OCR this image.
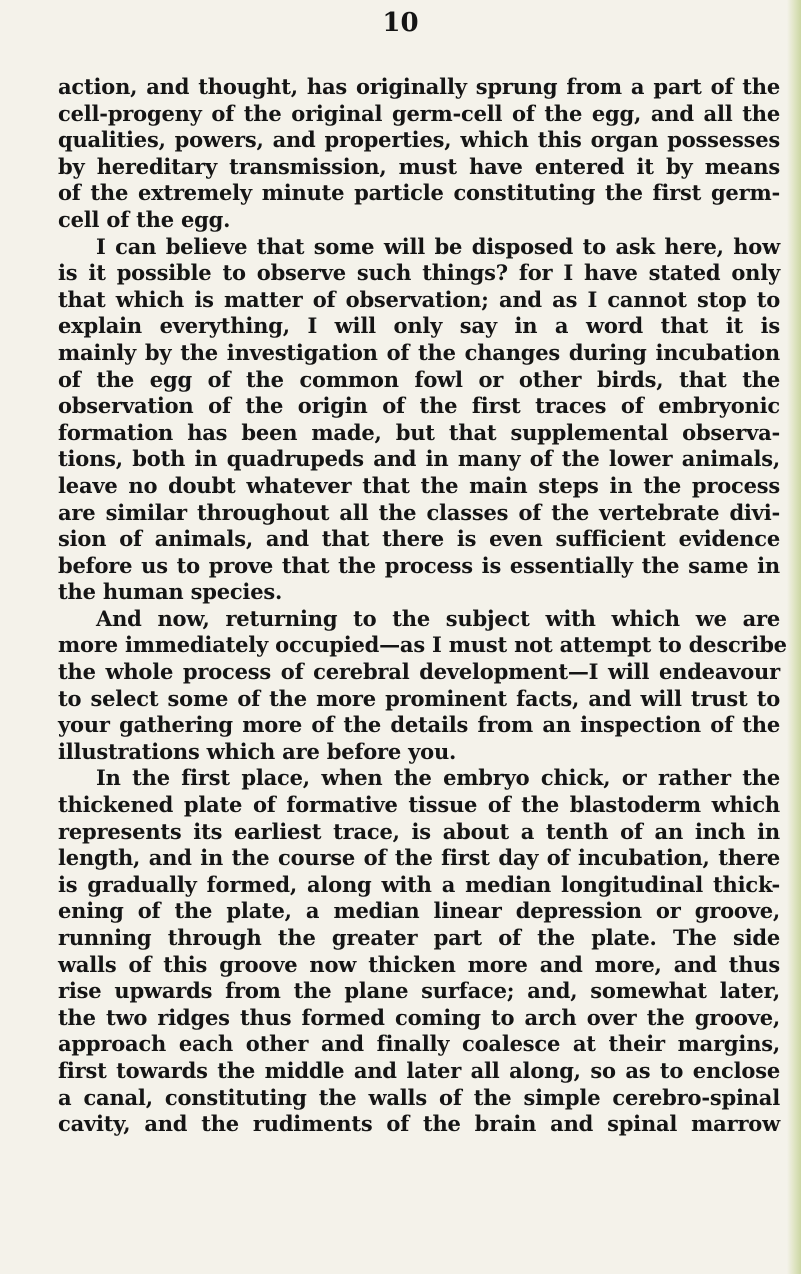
10

action, and thought, has originally sprung from a part of the
cell-progeny of the original germ-cell of the egg, and all the
qualities, powers, and properties, which this organ possesses
by hereditary transmission, must have entered it by means
of the extremely minute particle constituting the first germ-
cell of the egg.

I can believe that some will be disposed to ask here, how
is it possible to observe such things? for I have stated only
that which is matter of observation; and as I cannot stop to
explain everything, I will only say in a word that it is
mainly by the investigation of the changes during incubation
of the egg of the common fowl or other birds, that the
observation of the origin of the first traces of embryonic
formation has been made, but that supplemental observa-
tions, both in quadrupeds and in many of the lower animals,
leave no doubt whatever that the main steps in the process
are similar throughout all the classes of the vertebrate divi-
sion of animals, and that there is even sufficient evidence
before us to prove that the process is essentially the same in
the human species.

And now, returning to the subject with which we are
more immediately occupied—as I must not attempt to describe
the whole process of cerebral development—I will endeavour
to select some of the more prominent facts, and will trust to
your gathering more of the details from an inspection of the
illustrations which are before you.

In the first place, when the embryo chick, or rather the
thickened plate of formative tissue of the blastoderm which
represents its earliest trace, is about a tenth of an inch in
length, and in the course of the first day of incubation, there
is gradually formed, along with a median longitudinal thick-
ening of the plate, a median linear depression or groove,
running through the greater part of the plate. The side
walls of this groove now thicken more and more, and thus
rise upwards from the plane surface; and, somewhat later,
the two ridges thus formed coming to arch over the groove,
approach each other and finally coalesce at their margins,
first towards the middle and later all along, so as to enclose
a canal, constituting the walls of the simple cerebro-spinal
cavity, and the rudiments of the brain and spinal marrow
